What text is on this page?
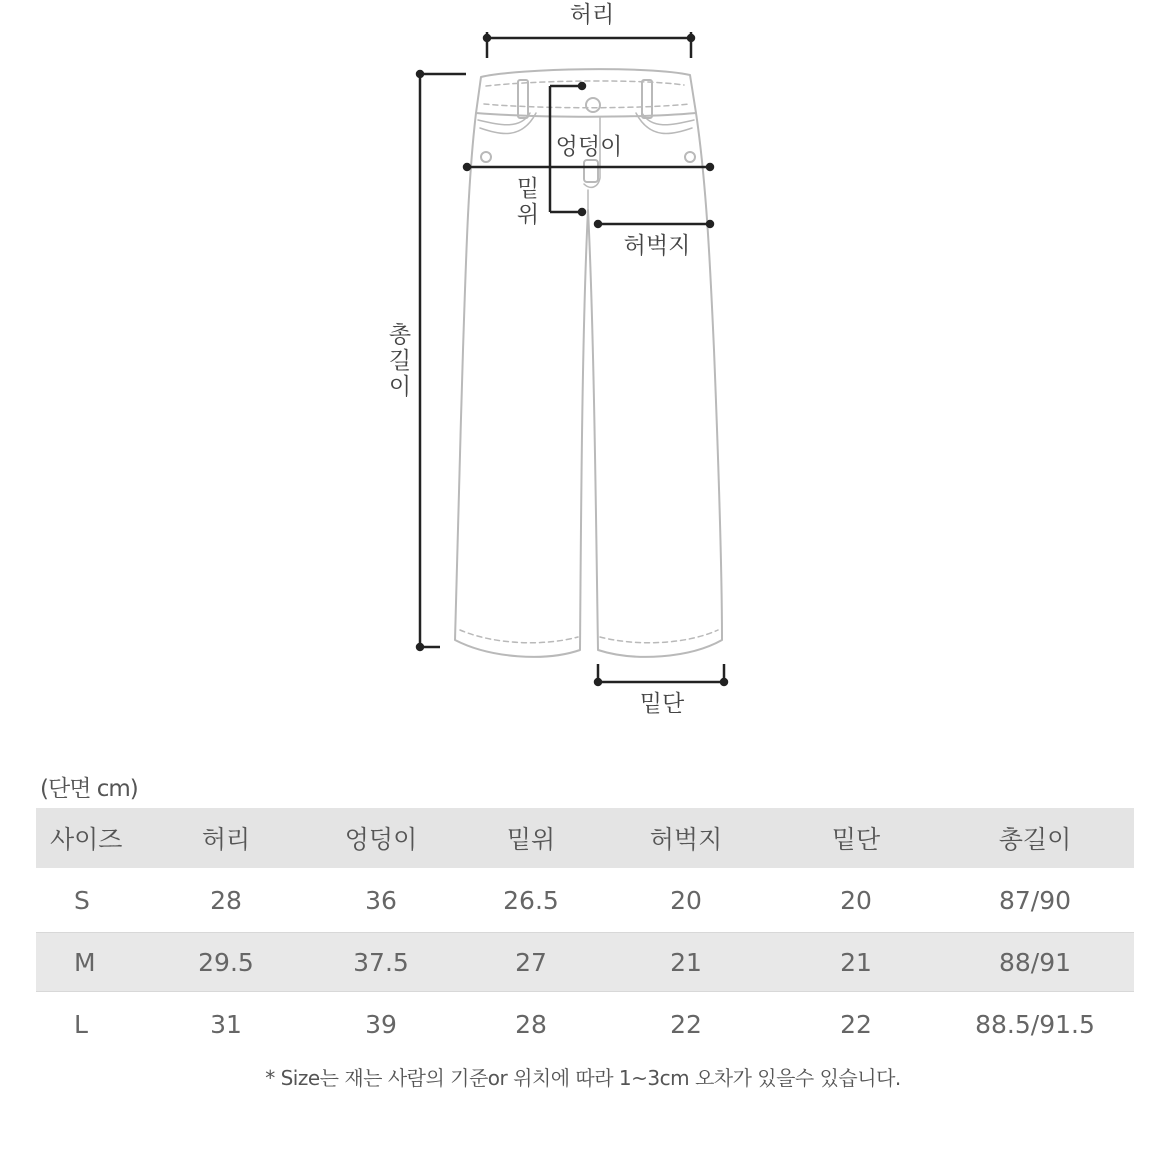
허리
엉덩이
밑
위
허벅지
총
길
이
밑단
(단면 cm)
사이즈	허리	엉덩이	밑위	허벅지	밑단	총길이
S	28	36	26.5	20	20	87/90
M	29.5	37.5	27	21	21	88/91
L	31	39	28	22	22	88.5/91.5
* Size는 재는 사람의 기준or 위치에 따라 1~3cm 오차가 있을수 있습니다.
